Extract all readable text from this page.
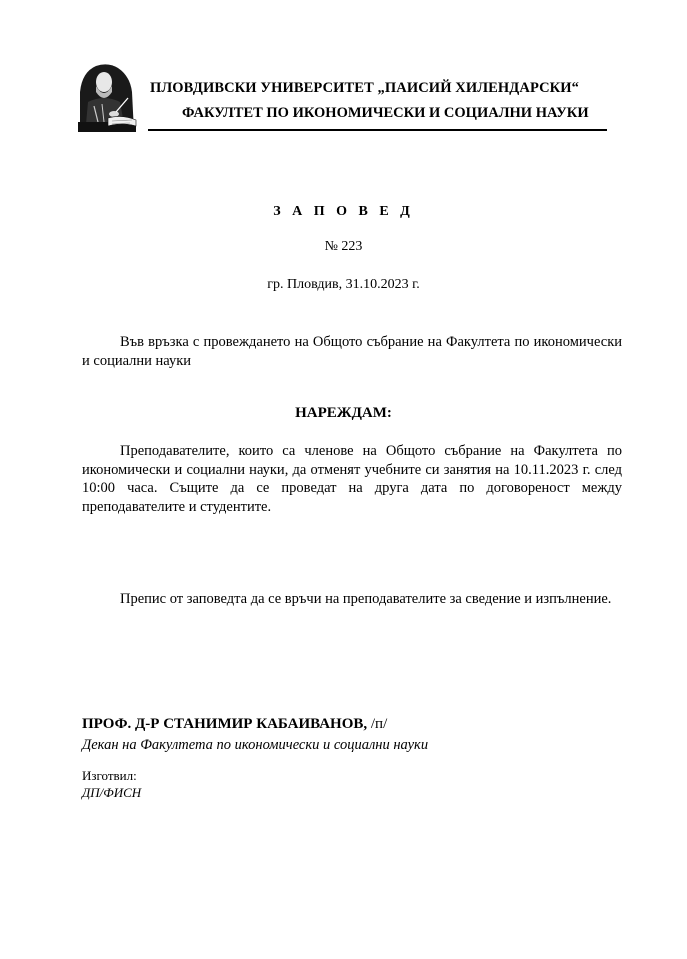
ПЛОВДИВСКИ УНИВЕРСИТЕТ „ПАИСИЙ ХИЛЕНДАРСКИ“
ФАКУЛТЕТ ПО ИКОНОМИЧЕСКИ И СОЦИАЛНИ НАУКИ
З А П О В Е Д
№ 223
гр. Пловдив, 31.10.2023 г.
Във връзка с провеждането на Общото събрание на Факултета по икономически и социални науки
НАРЕЖДАМ:
Преподавателите, които са членове на Общото събрание на Факултета по икономически и социални науки, да отменят учебните си занятия на 10.11.2023 г. след 10:00 часа. Същите да се проведат на друга дата по договореност между преподавателите и студентите.
Препис от заповедта да се връчи на преподавателите за сведение и изпълнение.
ПРОФ. Д-Р СТАНИМИР КАБАИВАНОВ, /п/
Декан на Факултета по икономически и социални науки
Изготвил:
ДП/ФИСН
